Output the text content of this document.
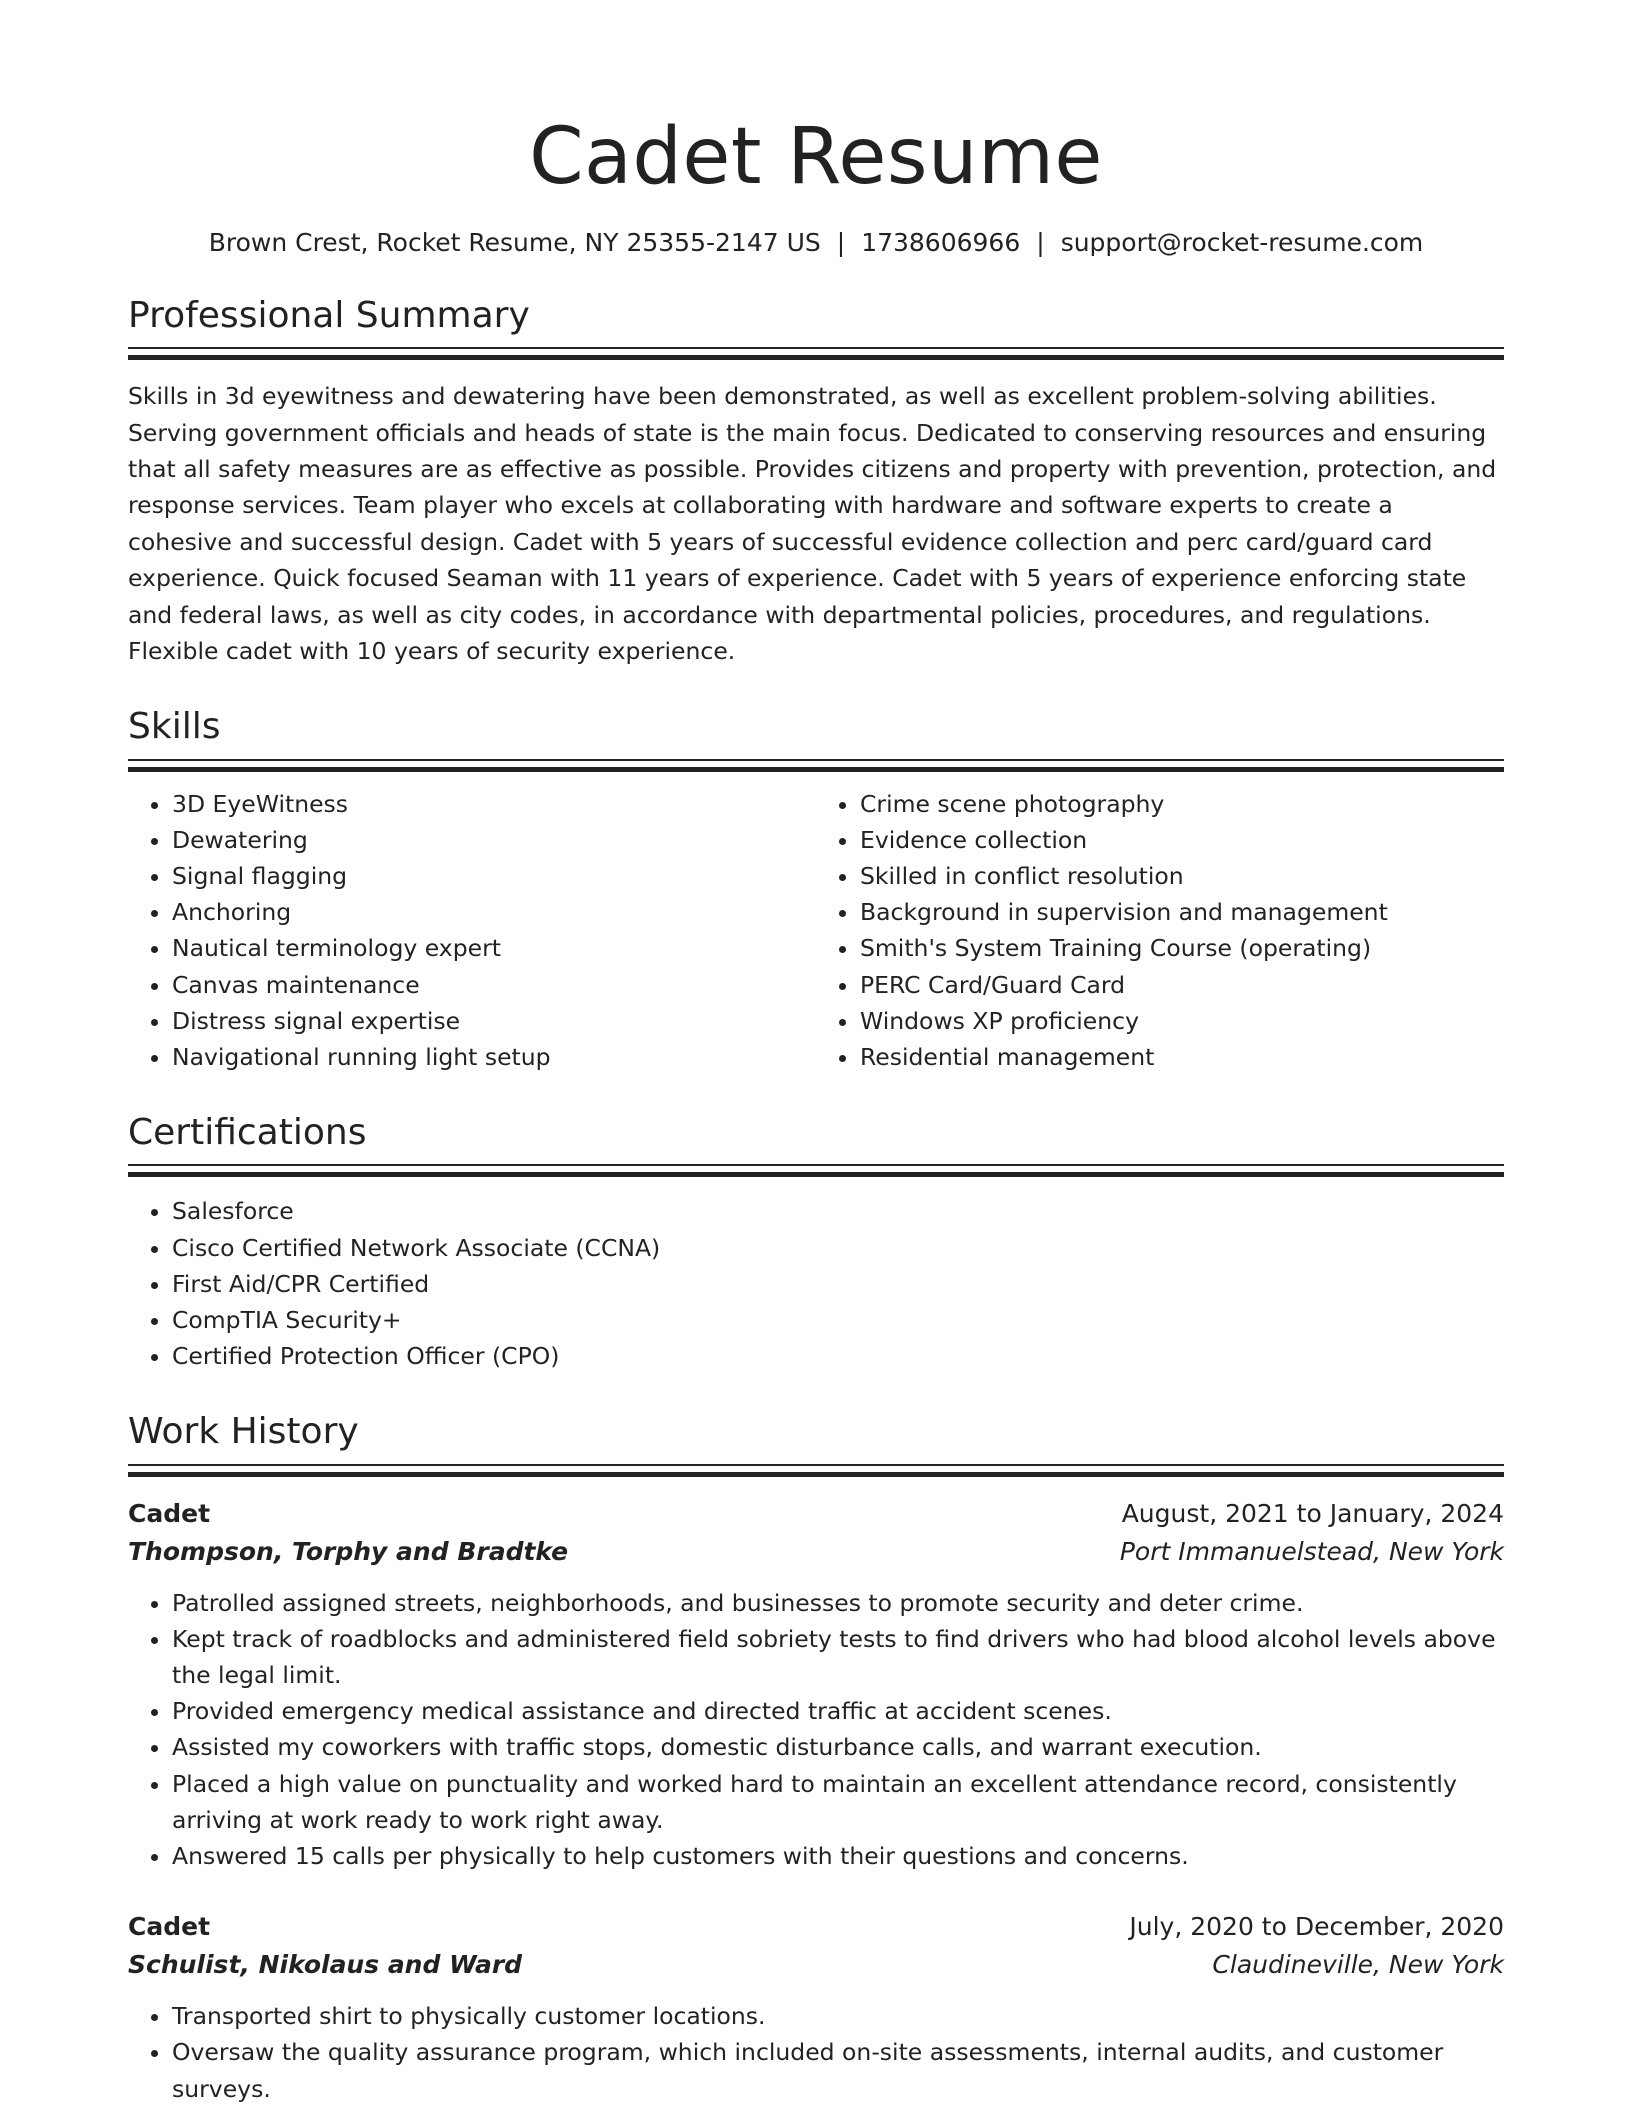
Cadet Resume
Brown Crest, Rocket Resume, NY 25355-2147 US | 1738606966 | support@rocket-resume.com
Professional Summary

Skills in 3d eyewitness and dewatering have been demonstrated, as well as excellent problem-solving abilities. Serving government officials and heads of state is the main focus. Dedicated to conserving resources and ensuring that all safety measures are as effective as possible. Provides citizens and property with prevention, protection, and response services. Team player who excels at collaborating with hardware and software experts to create a cohesive and successful design. Cadet with 5 years of successful evidence collection and perc card/guard card experience. Quick focused Seaman with 11 years of experience. Cadet with 5 years of experience enforcing state and federal laws, as well as city codes, in accordance with departmental policies, procedures, and regulations. Flexible cadet with 10 years of security experience.

Skills
• 3D EyeWitness
• Dewatering
• Signal flagging
• Anchoring
• Nautical terminology expert
• Canvas maintenance
• Distress signal expertise
• Navigational running light setup
• Crime scene photography
• Evidence collection
• Skilled in conflict resolution
• Background in supervision and management
• Smith's System Training Course (operating)
• PERC Card/Guard Card
• Windows XP proficiency
• Residential management
Certifications
• Salesforce
• Cisco Certified Network Associate (CCNA)
• First Aid/CPR Certified
• CompTIA Security+
• Certified Protection Officer (CPO)
Work History
Cadet	August, 2021 to January, 2024
Thompson, Torphy and Bradtke	Port Immanuelstead, New York
• Patrolled assigned streets, neighborhoods, and businesses to promote security and deter crime.
• Kept track of roadblocks and administered field sobriety tests to find drivers who had blood alcohol levels above the legal limit.
• Provided emergency medical assistance and directed traffic at accident scenes.
• Assisted my coworkers with traffic stops, domestic disturbance calls, and warrant execution.
• Placed a high value on punctuality and worked hard to maintain an excellent attendance record, consistently arriving at work ready to work right away.
• Answered 15 calls per physically to help customers with their questions and concerns.
Cadet	July, 2020 to December, 2020
Schulist, Nikolaus and Ward	Claudineville, New York
• Transported shirt to physically customer locations.
• Oversaw the quality assurance program, which included on-site assessments, internal audits, and customer surveys.
